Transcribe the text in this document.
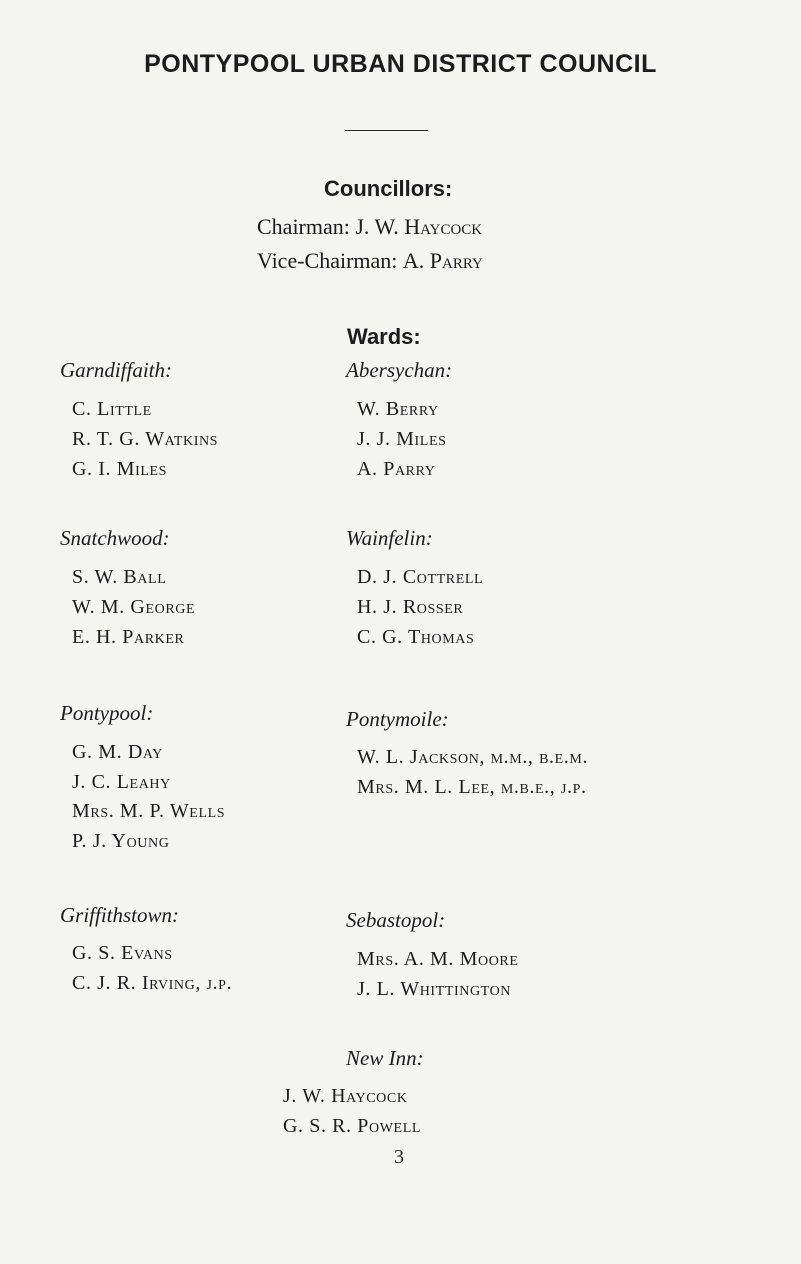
PONTYPOOL URBAN DISTRICT COUNCIL
Councillors:
Chairman: J. W. Haycock
Vice-Chairman: A. Parry
Wards:
Garndiffaith:
C. Little
R. T. G. Watkins
G. I. Miles
Abersychan:
W. Berry
J. J. Miles
A. Parry
Snatchwood:
S. W. Ball
W. M. George
E. H. Parker
Wainfelin:
D. J. Cottrell
H. J. Rosser
C. G. Thomas
Pontypool:
G. M. Day
J. C. Leahy
Mrs. M. P. Wells
P. J. Young
Pontymoile:
W. L. Jackson, m.m., b.e.m.
Mrs. M. L. Lee, m.b.e., j.p.
Griffithstown:
G. S. Evans
C. J. R. Irving, j.p.
Sebastopol:
Mrs. A. M. Moore
J. L. Whittington
New Inn:
J. W. Haycock
G. S. R. Powell
3
